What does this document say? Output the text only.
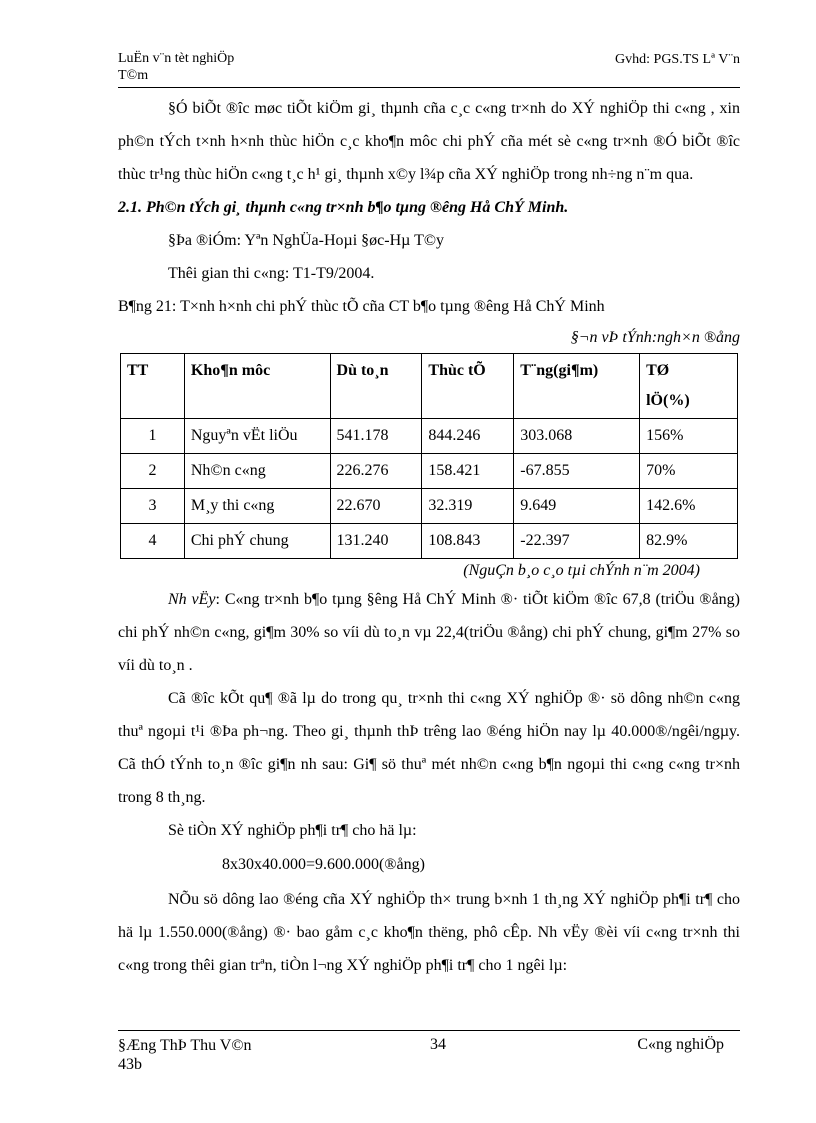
LuËn v¨n tèt nghiÖp
T©m
Gvhd: PGS.TS Lª V¨n

§Ó biÕt ®îc møc tiÕt kiÖm gi¸ thµnh cña c¸c c«ng tr×nh do XÝ nghiÖp thi c«ng , xin ph©n tÝch t×nh h×nh thùc hiÖn c¸c kho¶n môc chi phÝ cña mét sè c«ng tr×nh ®Ó biÕt ®îc thùc tr¹ng thùc hiÖn c«ng t¸c h¹ gi¸ thµnh x©y l¾p cña XÝ nghiÖp trong nh÷ng n¨m qua.

2.1. Ph©n tÝch gi¸ thµnh c«ng tr×nh b¶o tµng ®êng Hå ChÝ Minh.

§Þa ®iÓm: Yªn NghÜa-Hoµi §øc-Hµ T©y

Thêi gian thi c«ng: T1-T9/2004.

B¶ng 21: T×nh h×nh chi phÝ thùc tÕ cña CT b¶o tµng ®êng Hå ChÝ Minh

§¬n vÞ tÝnh:ngh×n ®ång

TT	Kho¶n môc	Dù to¸n	Thùc tÕ	T¨ng(gi¶m)	TØ
lÖ(%)
1	Nguyªn vËt liÖu	541.178	844.246	303.068	156%
2	Nh©n c«ng	226.276	158.421	-67.855	70%
3	M¸y thi c«ng	22.670	32.319	9.649	142.6%
4	Chi phÝ chung	131.240	108.843	-22.397	82.9%

(NguÇn b¸o c¸o tµi chÝnh n¨m 2004)

Nh vËy: C«ng tr×nh b¶o tµng §êng Hå ChÝ Minh ®· tiÕt kiÖm ®îc 67,8 (triÖu ®ång) chi phÝ nh©n c«ng, gi¶m 30% so víi dù to¸n vµ 22,4(triÖu ®ång) chi phÝ chung, gi¶m 27% so víi dù to¸n .

Cã ®îc kÕt qu¶ ®ã lµ do trong qu¸ tr×nh thi c«ng XÝ nghiÖp ®· sö dông nh©n c«ng thuª ngoµi t¹i ®Þa ph¬ng. Theo gi¸ thµnh thÞ trêng lao ®éng hiÖn nay lµ 40.000®/ngêi/ngµy. Cã thÓ tÝnh to¸n ®îc gi¶n nh sau: Gi¶ sö thuª mét nh©n c«ng b¶n ngoµi thi c«ng c«ng tr×nh trong 8 th¸ng.

Sè tiÒn XÝ nghiÖp ph¶i tr¶ cho hä lµ:

8x30x40.000=9.600.000(®ång)

NÕu sö dông lao ®éng cña XÝ nghiÖp th× trung b×nh 1 th¸ng XÝ nghiÖp ph¶i tr¶ cho hä lµ 1.550.000(®ång) ®· bao gåm c¸c kho¶n thëng, phô cÊp. Nh vËy ®èi víi c«ng tr×nh thi c«ng trong thêi gian trªn, tiÒn l¬ng XÝ nghiÖp ph¶i tr¶ cho 1 ngêi lµ:

§Æng ThÞ Thu V©n
43b
34	C«ng nghiÖp
